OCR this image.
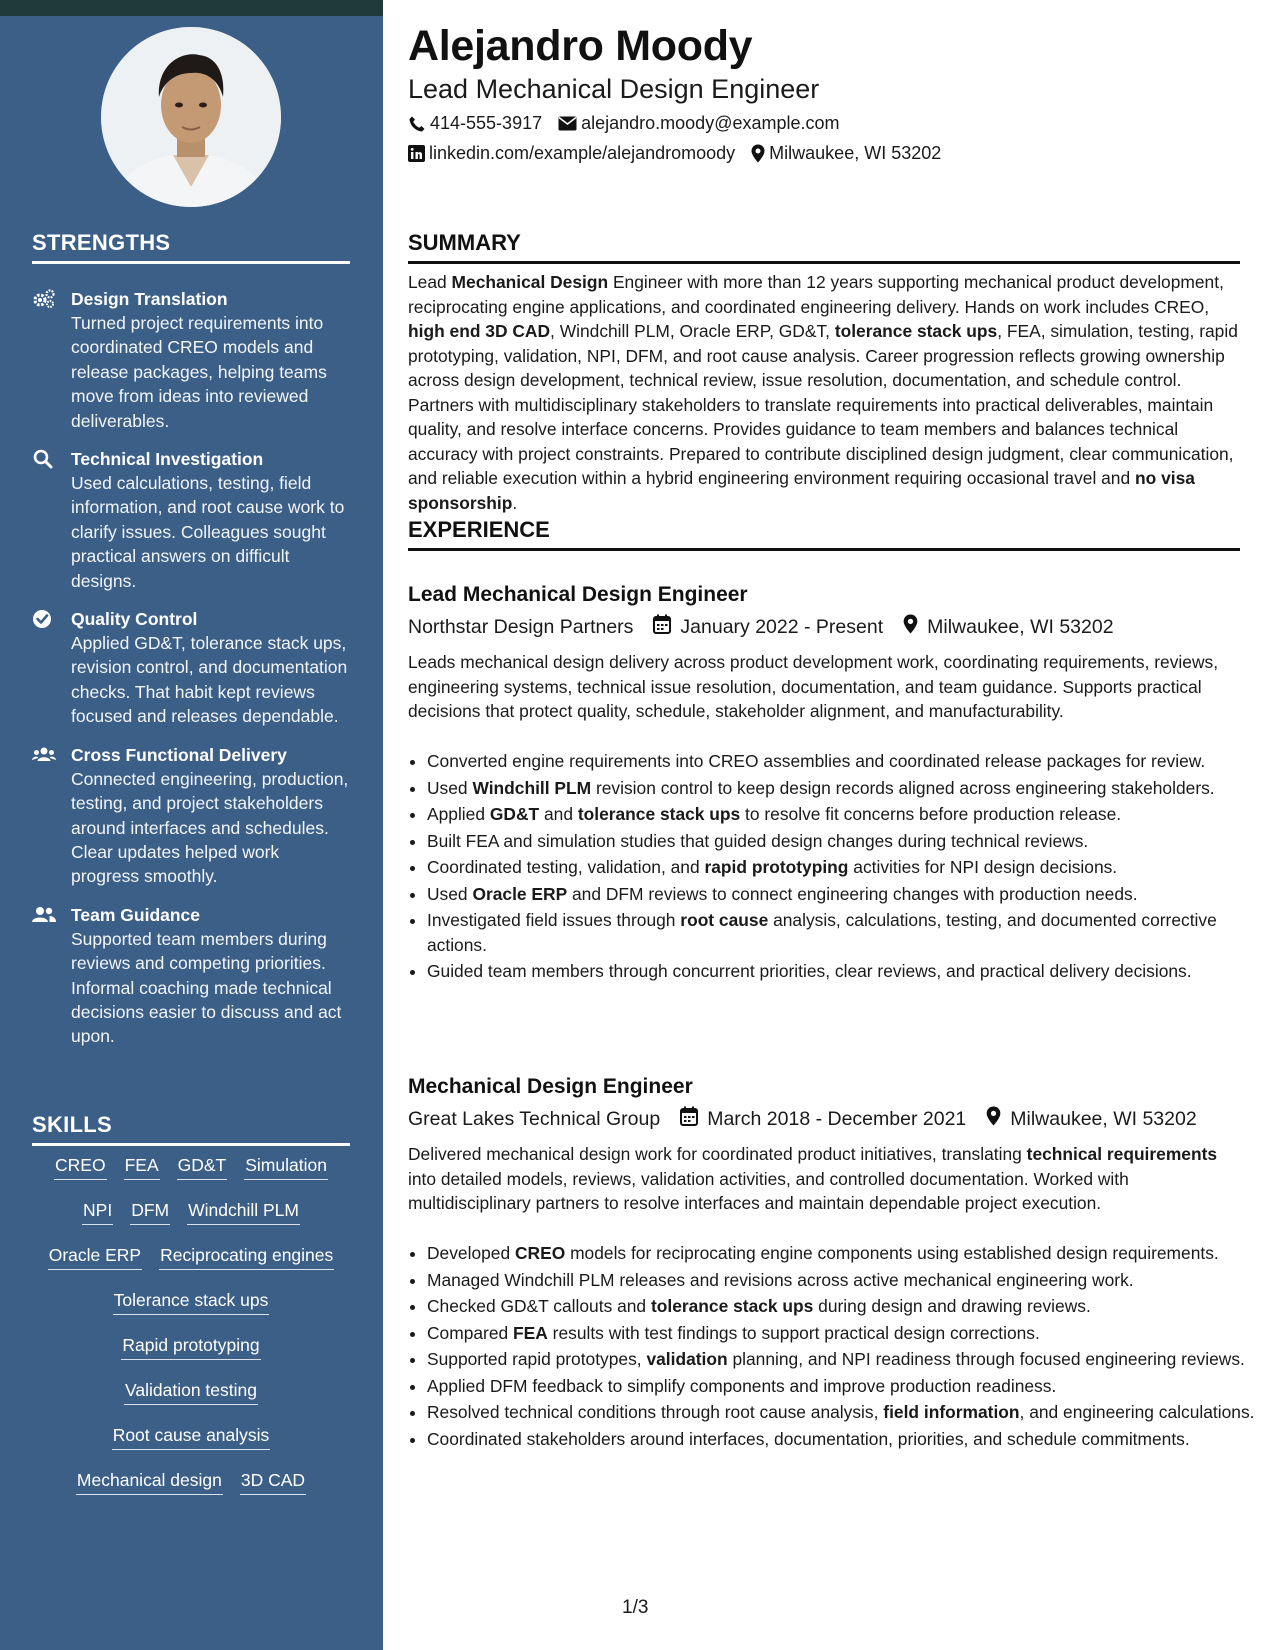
STRENGTHS
Design Translation
Turned project requirements into coordinated CREO models and release packages, helping teams move from ideas into reviewed deliverables.
Technical Investigation
Used calculations, testing, field information, and root cause work to clarify issues. Colleagues sought practical answers on difficult designs.
Quality Control
Applied GD&T, tolerance stack ups, revision control, and documentation checks. That habit kept reviews focused and releases dependable.
Cross Functional Delivery
Connected engineering, production, testing, and project stakeholders around interfaces and schedules. Clear updates helped work progress smoothly.
Team Guidance
Supported team members during reviews and competing priorities. Informal coaching made technical decisions easier to discuss and act upon.
SKILLS
CREO FEA GD&T Simulation
NPI DFM Windchill PLM
Oracle ERP Reciprocating engines
Tolerance stack ups
Rapid prototyping
Validation testing
Root cause analysis
Mechanical design 3D CAD
Alejandro Moody
Lead Mechanical Design Engineer
414-555-3917 alejandro.moody@example.com
linkedin.com/example/alejandromoody Milwaukee, WI 53202
SUMMARY
Lead Mechanical Design Engineer with more than 12 years supporting mechanical product development, reciprocating engine applications, and coordinated engineering delivery. Hands on work includes CREO, high end 3D CAD, Windchill PLM, Oracle ERP, GD&T, tolerance stack ups, FEA, simulation, testing, rapid prototyping, validation, NPI, DFM, and root cause analysis. Career progression reflects growing ownership across design development, technical review, issue resolution, documentation, and schedule control. Partners with multidisciplinary stakeholders to translate requirements into practical deliverables, maintain quality, and resolve interface concerns. Provides guidance to team members and balances technical accuracy with project constraints. Prepared to contribute disciplined design judgment, clear communication, and reliable execution within a hybrid engineering environment requiring occasional travel and no visa sponsorship.
EXPERIENCE
Lead Mechanical Design Engineer
Northstar Design Partners January 2022 - Present Milwaukee, WI 53202
Leads mechanical design delivery across product development work, coordinating requirements, reviews, engineering systems, technical issue resolution, documentation, and team guidance. Supports practical decisions that protect quality, schedule, stakeholder alignment, and manufacturability.
• Converted engine requirements into CREO assemblies and coordinated release packages for review.
• Used Windchill PLM revision control to keep design records aligned across engineering stakeholders.
• Applied GD&T and tolerance stack ups to resolve fit concerns before production release.
• Built FEA and simulation studies that guided design changes during technical reviews.
• Coordinated testing, validation, and rapid prototyping activities for NPI design decisions.
• Used Oracle ERP and DFM reviews to connect engineering changes with production needs.
• Investigated field issues through root cause analysis, calculations, testing, and documented corrective actions.
• Guided team members through concurrent priorities, clear reviews, and practical delivery decisions.
Mechanical Design Engineer
Great Lakes Technical Group March 2018 - December 2021 Milwaukee, WI 53202
Delivered mechanical design work for coordinated product initiatives, translating technical requirements into detailed models, reviews, validation activities, and controlled documentation. Worked with multidisciplinary partners to resolve interfaces and maintain dependable project execution.
• Developed CREO models for reciprocating engine components using established design requirements.
• Managed Windchill PLM releases and revisions across active mechanical engineering work.
• Checked GD&T callouts and tolerance stack ups during design and drawing reviews.
• Compared FEA results with test findings to support practical design corrections.
• Supported rapid prototypes, validation planning, and NPI readiness through focused engineering reviews.
• Applied DFM feedback to simplify components and improve production readiness.
• Resolved technical conditions through root cause analysis, field information, and engineering calculations.
• Coordinated stakeholders around interfaces, documentation, priorities, and schedule commitments.
1/3
